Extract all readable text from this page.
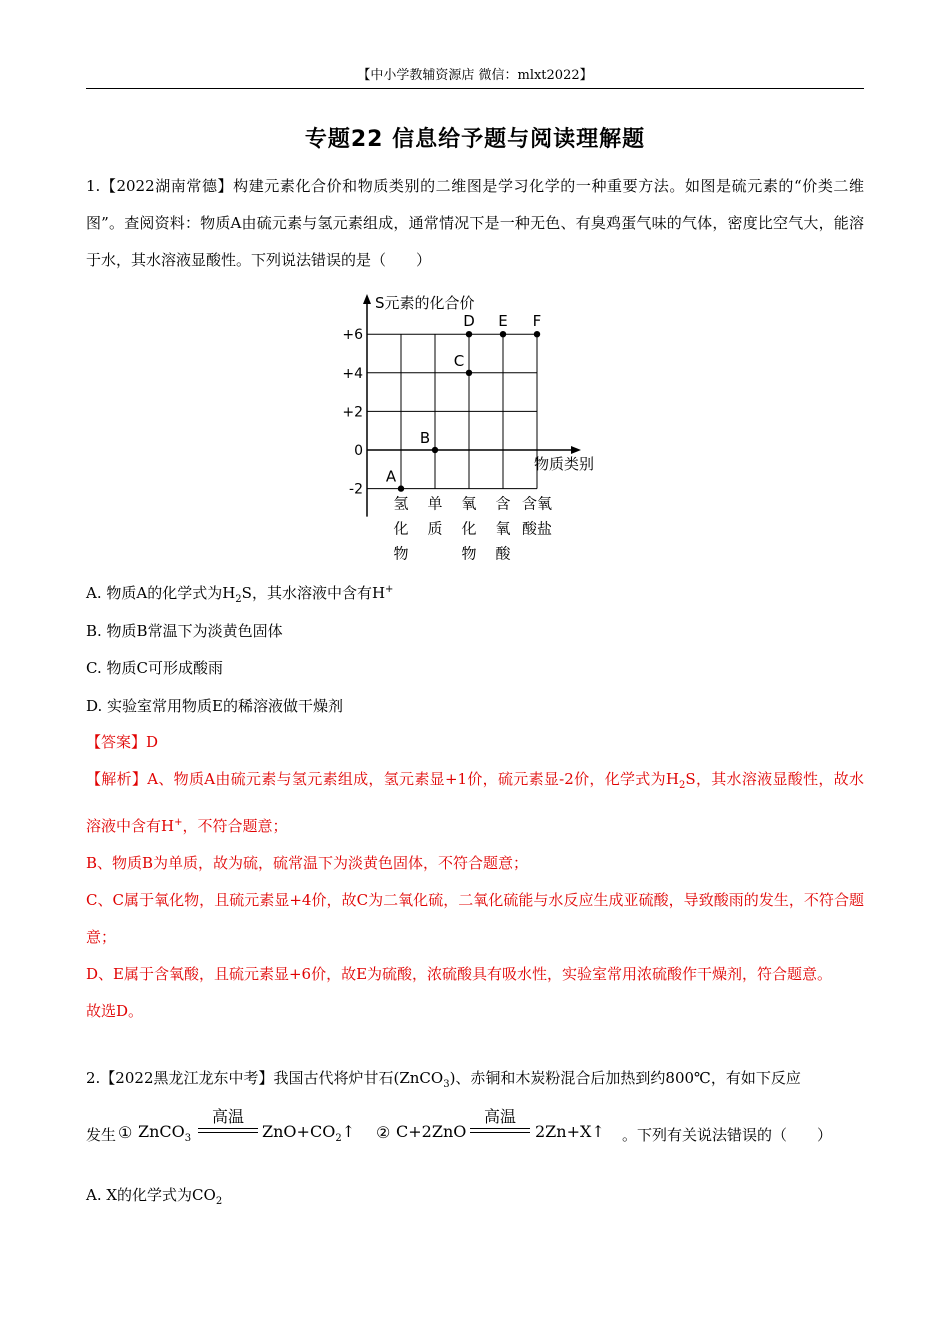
【中小学教辅资源店 微信：mlxt2022】
专题22 信息给予题与阅读理解题

1.【2022湖南常德】构建元素化合价和物质类别的二维图是学习化学的一种重要方法。如图是硫元素的“价类二维图”。查阅资料：物质A由硫元素与氢元素组成，通常情况下是一种无色、有臭鸡蛋气味的气体，密度比空气大，能溶于水，其水溶液显酸性。下列说法错误的是（　　）

S元素的化合价
物质类别
+6
+4
+2
0
-2
氢
化
物
单
质
氧
化
物
含
氧
酸
含氧
酸盐
A
B
C
D E F
A. 物质A的化学式为$H_2S$，其水溶液中含有H+
B. 物质B常温下为淡黄色固体
C. 物质C可形成酸雨
D. 实验室常用物质E的稀溶液做干燥剂

【答案】D

【解析】A、物质A由硫元素与氢元素组成，氢元素显+1价，硫元素显-2价，化学式为$H_2S$，其水溶液显酸性，故水溶液中含有H+，不符合题意；

B、物质B为单质，故为硫，硫常温下为淡黄色固体，不符合题意；

C、C属于氧化物，且硫元素显+4价，故C为二氧化硫，二氧化硫能与水反应生成亚硫酸，导致酸雨的发生，不符合题意；

D、E属于含氧酸，且硫元素显+6价，故E为硫酸，浓硫酸具有吸水性，实验室常用浓硫酸作干燥剂，符合题意。

故选D。

2.【2022黑龙江龙东中考】我国古代将炉甘石(ZnCO$_3$)、赤铜和木炭粉混合后加热到约800℃，有如下反应

发生 ① ZnCO$_3$
高温
$ZnO+CO_2↑$ ② C+2ZnO
高温
2Zn+X↑ 。下列有关说法错误的（　　）
A. X的化学式为$CO_2$
